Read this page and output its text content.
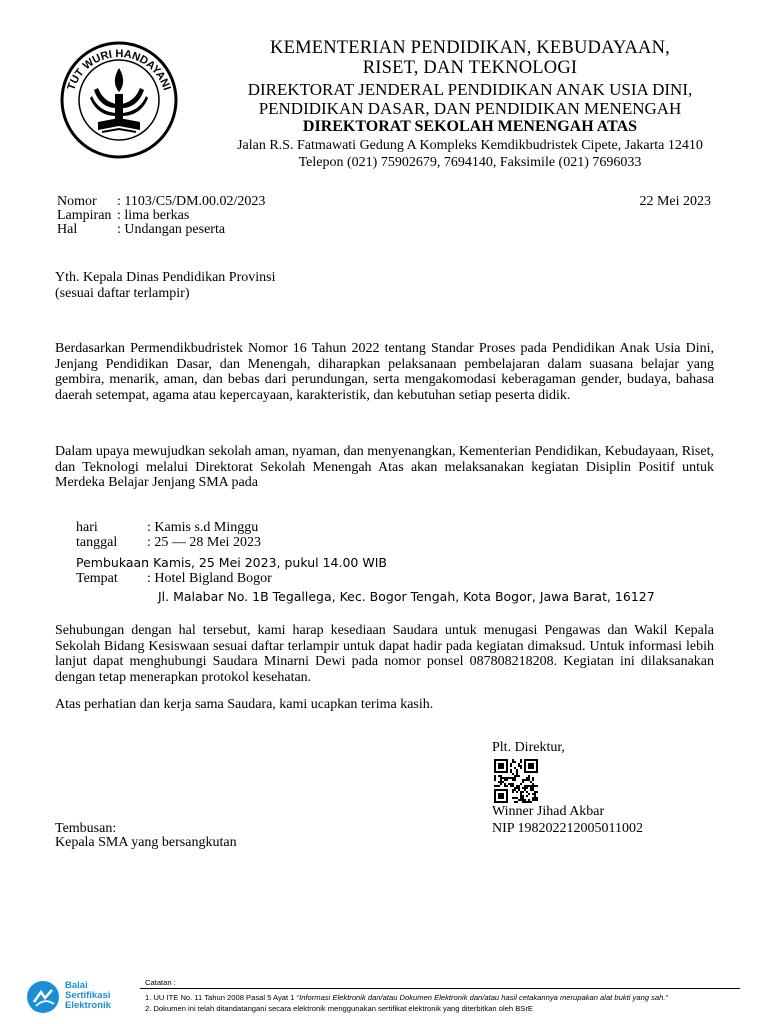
TUT WURI HANDAYANI
KEMENTERIAN PENDIDIKAN, KEBUDAYAAN,
RISET, DAN TEKNOLOGI
DIREKTORAT JENDERAL PENDIDIKAN ANAK USIA DINI,
PENDIDIKAN DASAR, DAN PENDIDIKAN MENENGAH
DIREKTORAT SEKOLAH MENENGAH ATAS
Jalan R.S. Fatmawati Gedung A Kompleks Kemdikbudristek Cipete, Jakarta 12410
Telepon (021) 75902679, 7694140, Faksimile (021) 7696033
Nomor : 1103/C5/DM.00.02/2023
Lampiran : lima berkas
Hal	: Undangan peserta
22 Mei 2023
Yth. Kepala Dinas Pendidikan Provinsi
(sesuai daftar terlampir)
Berdasarkan Permendikbudristek Nomor 16 Tahun 2022 tentang Standar Proses pada Pendidikan Anak Usia Dini, Jenjang Pendidikan Dasar, dan Menengah, diharapkan pelaksanaan pembelajaran dalam suasana belajar yang gembira, menarik, aman, dan bebas dari perundungan, serta mengakomodasi keberagaman gender, budaya, bahasa daerah setempat, agama atau kepercayaan, karakteristik, dan kebutuhan setiap peserta didik.
Dalam upaya mewujudkan sekolah aman, nyaman, dan menyenangkan, Kementerian Pendidikan, Kebudayaan, Riset, dan Teknologi melalui Direktorat Sekolah Menengah Atas akan melaksanakan kegiatan Disiplin Positif untuk Merdeka Belajar Jenjang SMA pada
hari	: Kamis s.d Minggu
tanggal : 25 — 28 Mei 2023
Pembukaan
: Kamis, 25 Mei 2023, pukul 14.00 WIB
Tempat : Hotel Bigland Bogor
Jl. Malabar No. 1B Tegallega, Kec. Bogor Tengah, Kota Bogor, Jawa Barat, 16127
Sehubungan dengan hal tersebut, kami harap kesediaan Saudara untuk menugasi Pengawas dan Wakil Kepala Sekolah Bidang Kesiswaan sesuai daftar terlampir untuk dapat hadir pada kegiatan dimaksud. Untuk informasi lebih lanjut dapat menghubungi Saudara Minarni Dewi pada nomor ponsel 087808218208. Kegiatan ini dilaksanakan dengan tetap menerapkan protokol kesehatan.
Atas perhatian dan kerja sama Saudara, kami ucapkan terima kasih.
Plt. Direktur,
Winner Jihad Akbar
NIP 198202212005011002
Tembusan:
Kepala SMA yang bersangkutan
Balai
Sertifikasi
Elektronik
Catatan :
1. UU ITE No. 11 Tahun 2008 Pasal 5 Ayat 1 “Informasi Elektronik dan/atau Dokumen Elektronik dan/atau hasil cetakannya merupakan alat bukti yang sah.”
2. Dokumen ini telah ditandatangani secara elektronik menggunakan sertifikat elektronik yang diterbitkan oleh BSrE
